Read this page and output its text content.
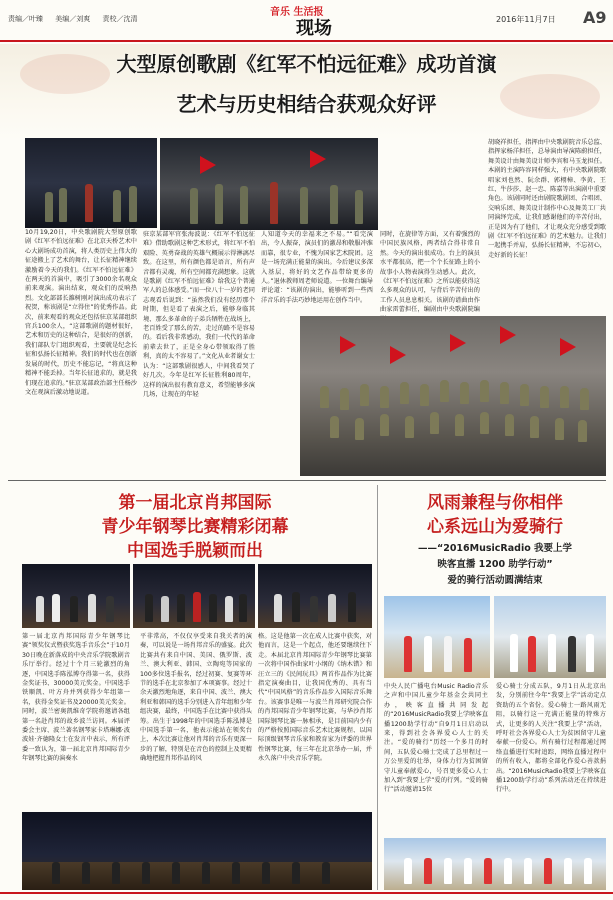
责编／叶臻 美编／刘爽 责校／沈清
音乐 生活报
现场	2016年11月7日 A9
大型原创歌剧《红军不怕远征难》成功首演
艺术与历史相结合获观众好评
10月19,20日，中央歌剧院大型原创歌剧《红军不怕远征难》在北京天桥艺术中心大剧场成功首演，将人类历史上伟大的征途搬上了艺术的舞台，让长征精神继续激励着今天的我们。《红军不怕远征难》在两天的首演中，吸引了3000余名观众前来观演。演出结束，观众们的反响热烈。文化部部长雒树刚对演出成功表示了祝贺，称该剧是“立得住”的优秀作品。此次，前来观看的观众还包括驻京某部组织官兵100余人，“这部歌剧的题材很好，艺术和历史的这种结合，是很好的创新，我们部队专门组织观看，主要就是纪念长征和弘扬长征精神。我们的时代也在创新发展的时代，历史不能忘记，“将真这种精神不能丢掉。当年长征追求的，就是我们现在追求的。”驻京某部政治部主任杨沙文在观演后激动地说道。
驻京某部军官张海波说：《红军不怕远征难》借助歌剧这种艺术形式，将红军不怕艰险、英勇奋战的英雄气概展示得淋漓尽致。在这里，所有颜色都是语言，所有声音都有灵魂，所有空间都充满想象。这就是歌剧《红军不怕远征难》给我这个普通军人的总体感受。”而一位八十一岁的老同志观看后说到：“虽然我们没有经历那个时期，但是看了表演之后，能够身临其境、那么多革命的子弟兵牺牲在战场上，老百姓受了那么的苦，走过的路不是容易的。看后我非常感动，我们一代代的革命前辈去世了，正是全身心带领取得了胜利，真的太不容易了。”文化从业者谢女士认为：“这部歌剧很感人，中间我看哭了好几次。今年是红军长征胜利80周年，这样的演出很有教育意义，希望能够多演几场，让现在的年轻
人知道今天的幸福来之不易。”“看完演出，令人振奋，演员们的激昂和敬服冲淮而靠，很专业，不愧为国家艺术院团。这是一场充满正能量的演出。今后建议多深入基层，将好的文艺作品带给更多的人。”退休教师周老师说道。一位舞台编导评论道：“该剧的演出，能够听到一些西洋音乐的手法巧妙地运用在创作当中。
同时，在旋律等方面，又有着强烈的中国民族风格，两者结合得非常自然。今天的演出很成功。台上的演员水平都很高，把一个个长征路上的小故事小人物表演得生动感人。此次，《红军不怕远征难》之所以能获得这么多观众的认可，与背后辛苦付出的工作人员息息相关。该剧的谱曲由作曲家雷蕾担任，编剧由中央歌剧院编
胡晓祥担任，指挥由中央歌剧院音乐总监、指挥家杨洋担任，总导演由导演陈蔚担任，舞美设计由舞美设计师李宾和马玉龙担任。本剧的主演阵容同样强大，有中央歌剧院歌唱家刘也然、阮余群、郭栩樟、李黄、王红、牛莎莎、赵一忠、陈嘉等出演剧中重要角色。该剧同时还由剧院歌剧团、合唱团、交响乐团、舞美设计制作中心及舞美工厂共同演绎完成，让我们感谢他们的辛苦付出，正是因为有了他们，才让观众充分感受到歌剧《红军不怕远征难》的艺术魅力。让我们一起携手并肩，弘扬长征精神，不忘初心，走好新的长征！
第一届北京肖邦国际
青少年钢琴比赛精彩闭幕
中国选手脱颖而出
第一届北京肖邦国际青少年钢琴比赛“领奖仪式暨获奖选手音乐会”于10月30日晚在新落成的中央音乐学院歌剧音乐厅举行。经过十个月三轮激烈的角逐，中国选手陈泓博夺得第一名，获得金奖证书、30000美元奖金。中国选手铁顺凯、叶方舟并列获得少年组第一名，获得金奖证书及20000美元奖金。同时，波兰密奥凯维奇学院将邀请各组第一名赴肖邦的故乡波兰访问。本届评委会主席、波兰著名钢琴家卡塔琳娜·波波娃·齐德隆女士在发言中表示，所有评委一致认为，第一届北京肖邦国际青少年钢琴比赛的演奏水
平非常高，不仅仅享受来自我关者的演奏，可以说是一场肖邦音乐的盛宴。此次比赛共有来自中国、美国、俄罗斯、波兰、澳大利亚、韩国、立陶宛等国家的100多位选手报名，经过初赛、复赛等环节的选手在北京参加了本项赛事。经过十余天激烈地角逐，来自中国、波兰、澳大利亚和韩国的选手分别进入青年组和少年组决赛，最终，中国选手在比赛中获得头筹。出生于1998年的中国选手陈泓博是中国选手第一名，他表示能站在领奖台上，本次比赛让他对肖邦的音乐有更深一步的了解，特别是在音色的控制上及更精确地把握肖邦作品的风
格。这是他第一次在成人比赛中获奖，对他而言，这是一个起点，他还要继续往下走。本届北京肖邦国际青少年钢琴比赛第一次将中国作曲家叶小纲的《纳木错》和汪立三的《民间玩具》两首作品作为比赛指定演奏曲目，让我国优秀的、具有当代“中国风格”的音乐作品步入国际音乐舞台。该赛事是唯一与波兰肖邦研究院合作的肖邦国际青少年钢琴比赛，与华沙肖邦国际钢琴比赛一脉相承，是目前国内少有的严格按照国际音乐艺术比赛规程、以国际顶级钢琴音乐家和教育家为评委的世界性钢琴比赛，每三年在北京举办一届，并永久落户中央音乐学院。
风雨兼程与你相伴
心系远山为爱骑行
——“2016MusicRadio 我要上学
映客直播 1200 助学行动”
爱的骑行活动圆满结束
中央人民广播电台Music Radio音乐之声和中国儿童少年基金会共同主办，映客直播共同发起的“2016MusicRadio我要上学映客直播1200助学行动”自9月1日启动以来，得到社会各界爱心人士的关注。“爱的骑行”历经一个多月的时间，五队爱心骑士完成了总里程过一万公里爱的壮举，身体力行为贫困留守儿童奉献爱心，号召更多爱心人士加入到“我要上学”爱的行列。“爱的骑行”活动邀请15位
爱心骑士分成五队，9月1日从北京出发，分别前往今年“我要上学”活动定点资助的五个省份。爱心骑士一路风雨无阻，以骑行这一充满正能量的特殊方式，让更多的人关注“我要上学”活动，呼吁社会各界爱心人士为贫困留守儿童奉献一份爱心。所有骑行过程都通过网络直播进行实时追踪，网络直播过程中的所有收入，都将全部化作爱心善款捐出。“2016MusicRadio我要上学映客直播1200助学行动”系列活动还在持续进行中。
